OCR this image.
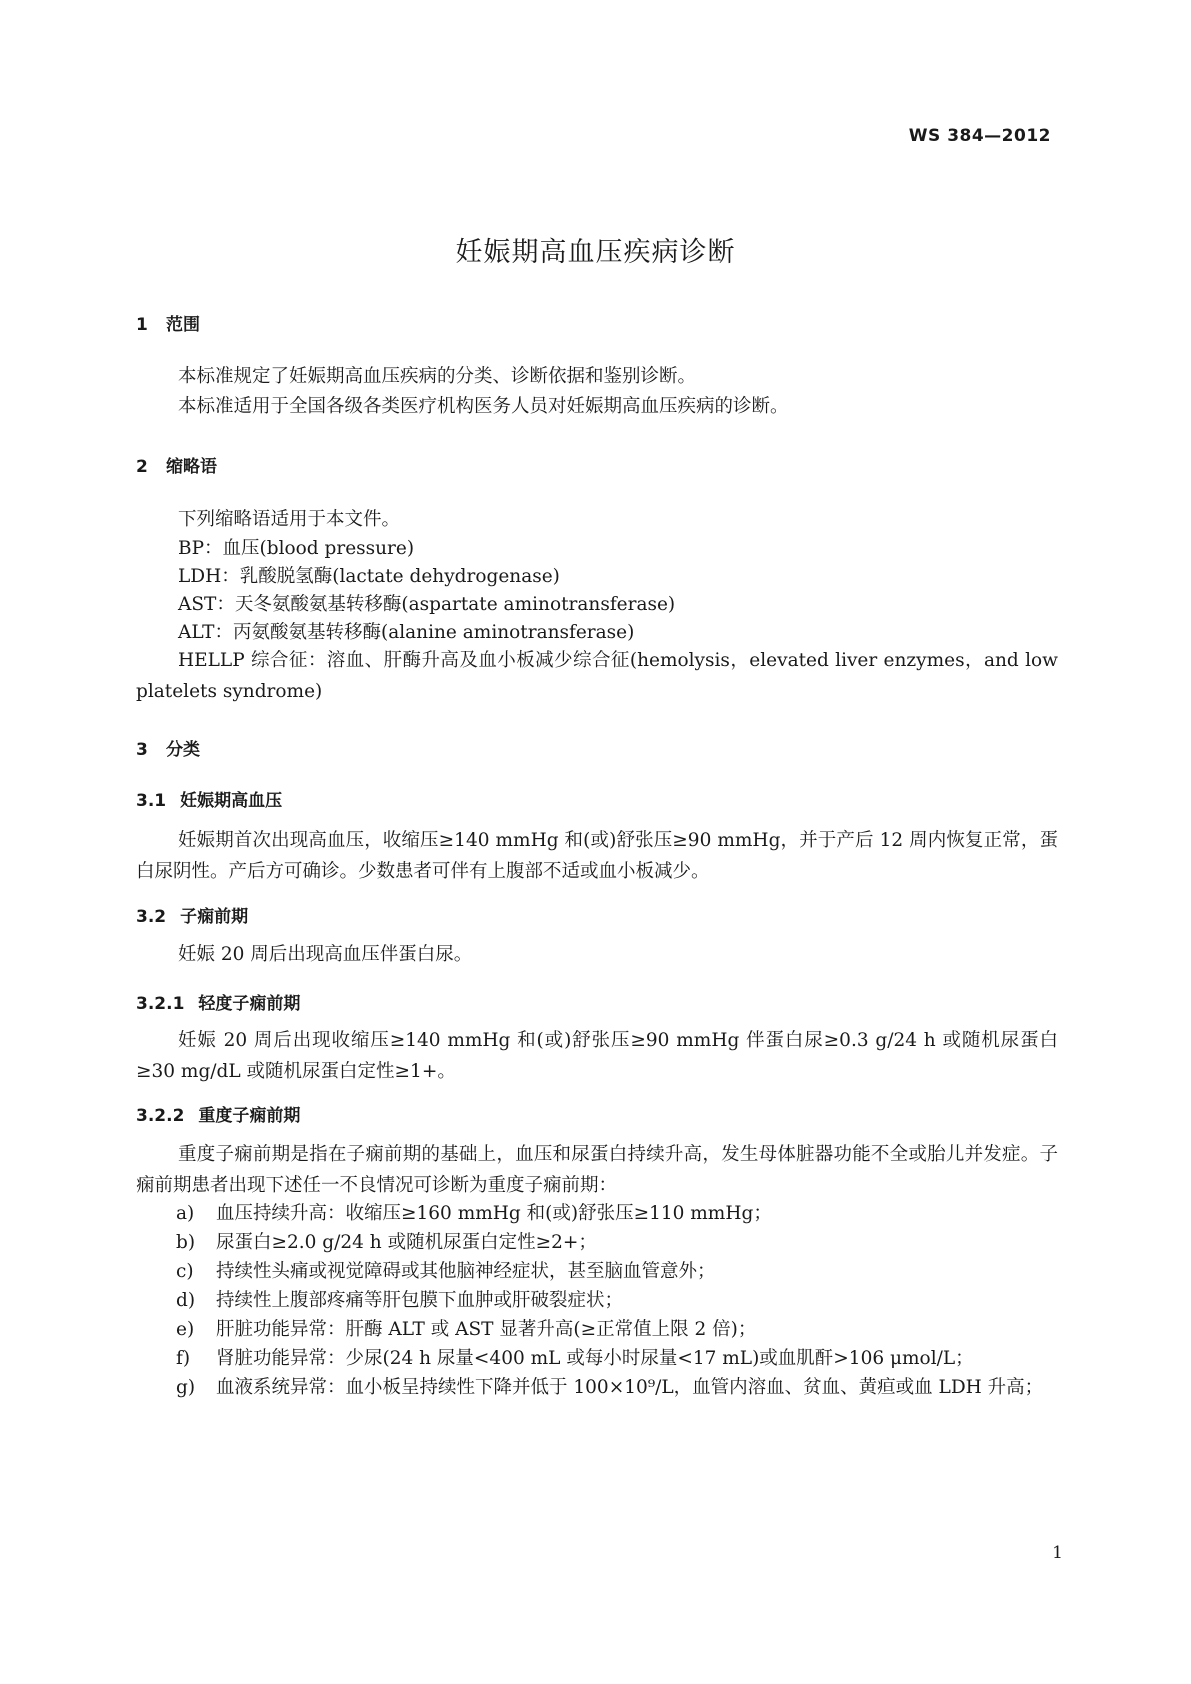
WS 384—2012
妊娠期高血压疾病诊断
1 范围
本标准规定了妊娠期高血压疾病的分类、诊断依据和鉴别诊断。
本标准适用于全国各级各类医疗机构医务人员对妊娠期高血压疾病的诊断。
2 缩略语
下列缩略语适用于本文件。
BP：血压(blood pressure)
LDH：乳酸脱氢酶(lactate dehydrogenase)
AST：天冬氨酸氨基转移酶(aspartate aminotransferase)
ALT：丙氨酸氨基转移酶(alanine aminotransferase)
HELLP 综合征：溶血、肝酶升高及血小板减少综合征(hemolysis，elevated liver enzymes，and low platelets syndrome)
3 分类
3.1 妊娠期高血压
妊娠期首次出现高血压，收缩压≥140 mmHg 和(或)舒张压≥90 mmHg，并于产后 12 周内恢复正常，蛋白尿阴性。产后方可确诊。少数患者可伴有上腹部不适或血小板减少。
3.2 子痫前期
妊娠 20 周后出现高血压伴蛋白尿。
3.2.1 轻度子痫前期
妊娠 20 周后出现收缩压≥140 mmHg 和(或)舒张压≥90 mmHg 伴蛋白尿≥0.3 g/24 h 或随机尿蛋白≥30 mg/dL 或随机尿蛋白定性≥1+。
3.2.2 重度子痫前期
重度子痫前期是指在子痫前期的基础上，血压和尿蛋白持续升高，发生母体脏器功能不全或胎儿并发症。子痫前期患者出现下述任一不良情况可诊断为重度子痫前期：
a) 血压持续升高：收缩压≥160 mmHg 和(或)舒张压≥110 mmHg；
b) 尿蛋白≥2.0 g/24 h 或随机尿蛋白定性≥2+；
c) 持续性头痛或视觉障碍或其他脑神经症状，甚至脑血管意外；
d) 持续性上腹部疼痛等肝包膜下血肿或肝破裂症状；
e) 肝脏功能异常：肝酶 ALT 或 AST 显著升高(≥正常值上限 2 倍)；
f) 肾脏功能异常：少尿(24 h 尿量<400 mL 或每小时尿量<17 mL)或血肌酐>106 μmol/L；
g) 血液系统异常：血小板呈持续性下降并低于 100×10⁹/L，血管内溶血、贫血、黄疸或血 LDH 升高；
1
